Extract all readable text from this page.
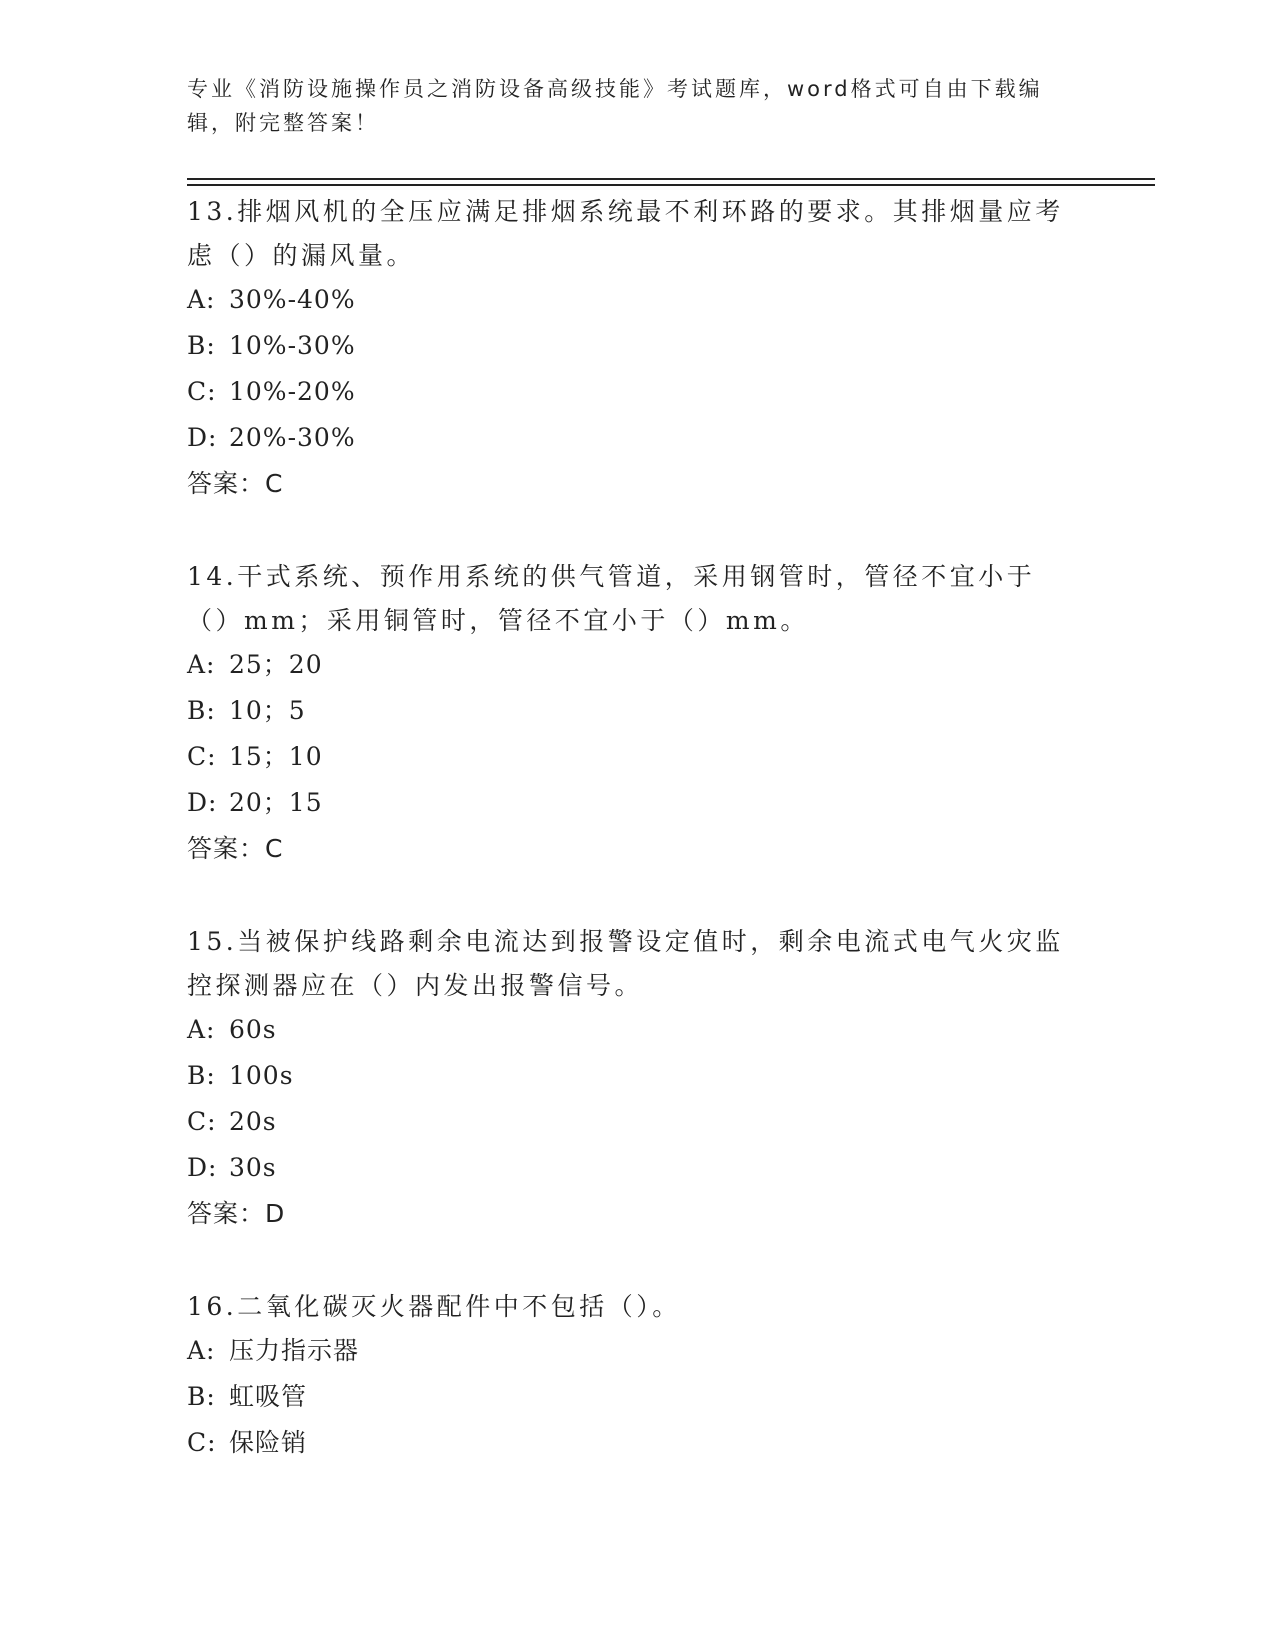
专业《消防设施操作员之消防设备高级技能》考试题库，word格式可自由下载编辑，附完整答案！

13.排烟风机的全压应满足排烟系统最不利环路的要求。其排烟量应考虑（）的漏风量。

A: 30%-40%

B: 10%-30%

C: 10%-20%

D: 20%-30%

答案：C

14.干式系统、预作用系统的供气管道，采用钢管时，管径不宜小于（）mm；采用铜管时，管径不宜小于（）mm。

A: 25；20

B: 10；5

C: 15；10

D: 20；15

答案：C

15.当被保护线路剩余电流达到报警设定值时，剩余电流式电气火灾监控探测器应在（）内发出报警信号。

A: 60s

B: 100s

C: 20s

D: 30s

答案：D

16.二氧化碳灭火器配件中不包括（）。

A: 压力指示器

B: 虹吸管

C: 保险销
